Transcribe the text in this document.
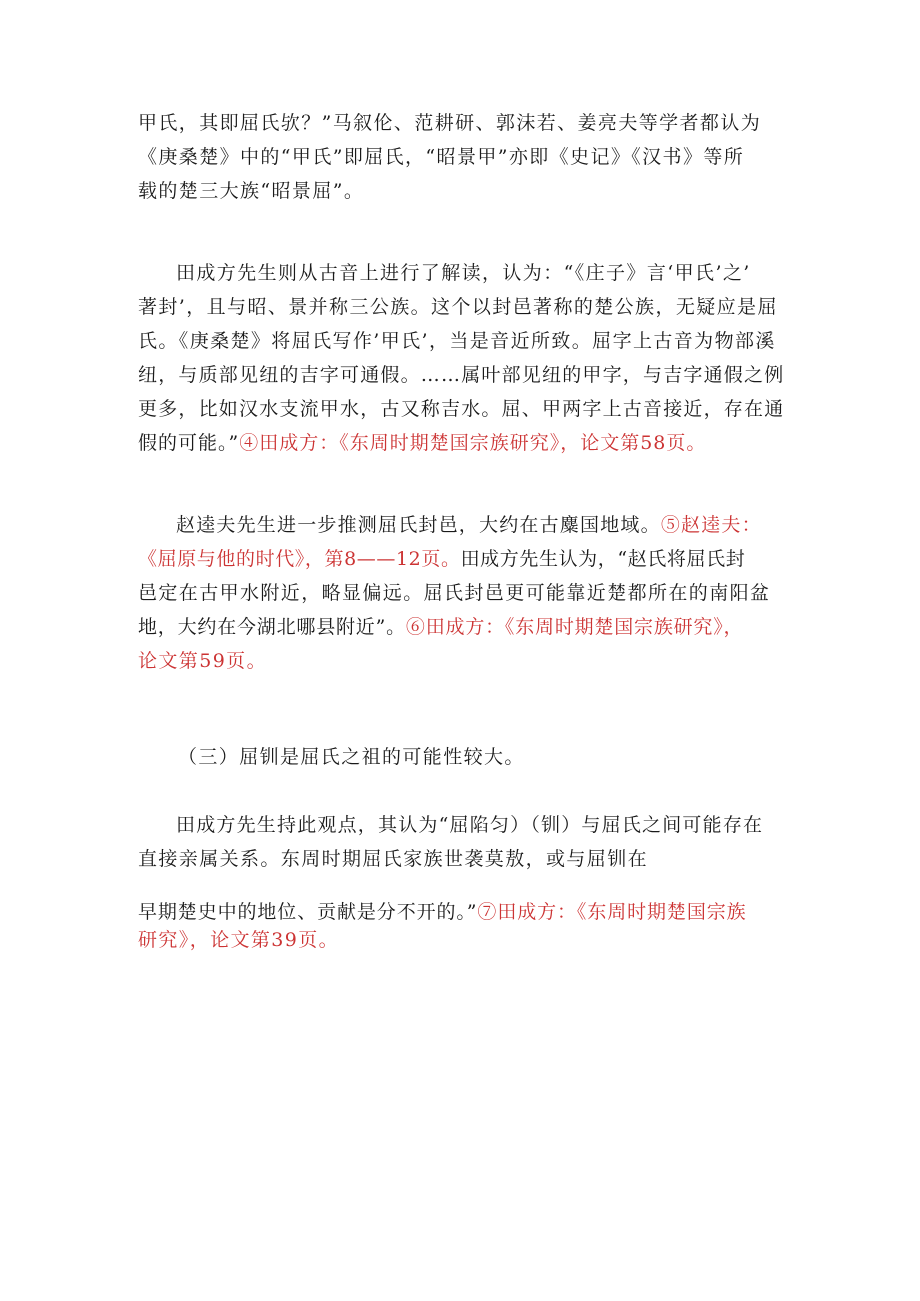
甲氏，其即屈氏欤？”马叙伦、范耕研、郭沫若、姜亮夫等学者都认为
《庚桑楚》中的“甲氏”即屈氏，“昭景甲”亦即《史记》《汉书》等所
载的楚三大族“昭景屈”。
田成方先生则从古音上进行了解读，认为：“《庄子》言‘甲氏’之’
著封’，且与昭、景并称三公族。这个以封邑著称的楚公族，无疑应是屈
氏。《庚桑楚》将屈氏写作’甲氏’，当是音近所致。屈字上古音为物部溪
纽，与质部见纽的吉字可通假。……属叶部见纽的甲字，与吉字通假之例
更多，比如汉水支流甲水，古又称吉水。屈、甲两字上古音接近，存在通
假的可能。”④田成方：《东周时期楚国宗族研究》，论文第58页。
赵逵夫先生进一步推测屈氏封邑，大约在古麋国地域。⑤赵逵夫：
《屈原与他的时代》，第8——12页。田成方先生认为，“赵氏将屈氏封
邑定在古甲水附近，略显偏远。屈氏封邑更可能靠近楚都所在的南阳盆
地，大约在今湖北哪县附近”。⑥田成方：《东周时期楚国宗族研究》，
论文第59页。
（三）屈钏是屈氏之祖的可能性较大。
田成方先生持此观点，其认为“屈陷匀）（钏）与屈氏之间可能存在
直接亲属关系。东周时期屈氏家族世袭莫敖，或与屈钏在
早期楚史中的地位、贡献是分不开的。”⑦田成方：《东周时期楚国宗族
研究》，论文第39页。
